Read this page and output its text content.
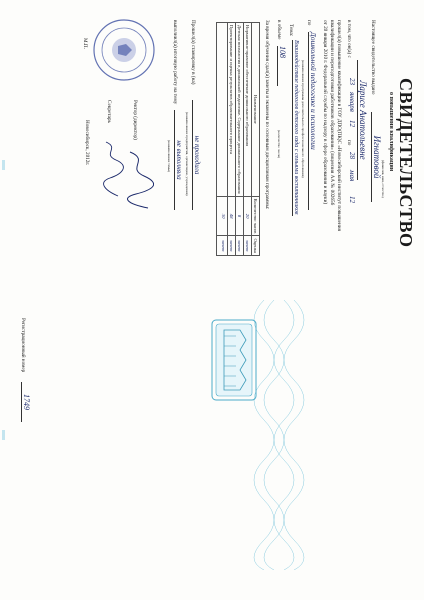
СВИДЕТЕЛЬСТВО
о повышении квалификации
Настоящее свидетельство выдано
Игнатовой
(фамилия, имя, отчество)
Ларисе Анатольевне
в том, что он(а) с
23
января
12
по
28
мая
12
прошел(а) повышение квалификации в ГОУ ДПО(ПК)С «Новосибирский институт повышения
квалификации и переподготовки работников образования» (лицензия АА № 002656
от 20 января 2010 г. Федеральной службы по надзору в сфере образования и науки)
по
Дошкольной педагогике и психологии
(наименование программы дополнительного профессионального образования)
Тема:
Взаимодействие педагогов детского сада с семьями воспитанников
в объеме
108
(количество часов)
За время обучения сдал(а) зачеты и экзамены по основным дисциплинам программы:
Наименование	Количество часов	Оценка
Нормативно-правовое обеспечение дошкольного образования	20	зачет
Детская психология в дошкольной педагогике. Содержание дошкольного образования	8	зачет
Проектирование и оценка результатов образовательного процесса	48	зачет
	30	зачет
Прошел(а) стажировку в (на)
не проходила
(наименование предприятия, организации, учреждения)
выполнил(а) итоговую работу на тему
не выполняла
(наименование темы)
М.П.
Ректор (директор)
Секретарь
Новосибирск, 2012г.
Регистрационный номер
1749
